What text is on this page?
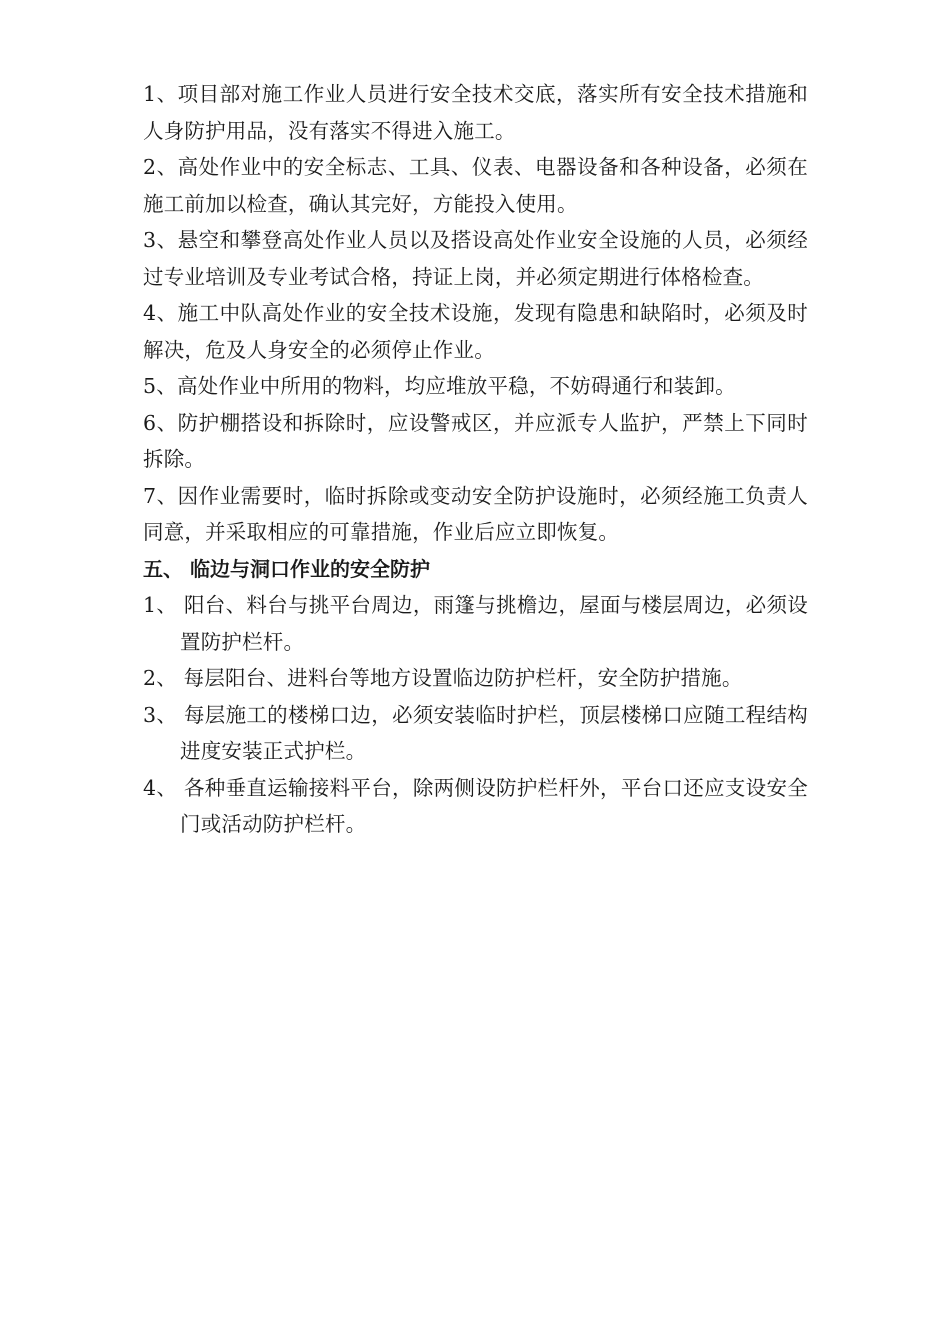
1、项目部对施工作业人员进行安全技术交底，落实所有安全技术措施和人身防护用品，没有落实不得进入施工。

2、高处作业中的安全标志、工具、仪表、电器设备和各种设备，必须在施工前加以检查，确认其完好，方能投入使用。

3、悬空和攀登高处作业人员以及搭设高处作业安全设施的人员，必须经过专业培训及专业考试合格，持证上岗，并必须定期进行体格检查。

4、施工中队高处作业的安全技术设施，发现有隐患和缺陷时，必须及时解决，危及人身安全的必须停止作业。

5、高处作业中所用的物料，均应堆放平稳，不妨碍通行和装卸。

6、防护棚搭设和拆除时，应设警戒区，并应派专人监护，严禁上下同时拆除。

7、因作业需要时，临时拆除或变动安全防护设施时，必须经施工负责人同意，并采取相应的可靠措施，作业后应立即恢复。

五、 临边与洞口作业的安全防护

1、 阳台、料台与挑平台周边，雨篷与挑檐边，屋面与楼层周边，必须设置防护栏杆。

2、 每层阳台、进料台等地方设置临边防护栏杆，安全防护措施。

3、 每层施工的楼梯口边，必须安装临时护栏，顶层楼梯口应随工程结构进度安装正式护栏。

4、 各种垂直运输接料平台，除两侧设防护栏杆外，平台口还应支设安全门或活动防护栏杆。
